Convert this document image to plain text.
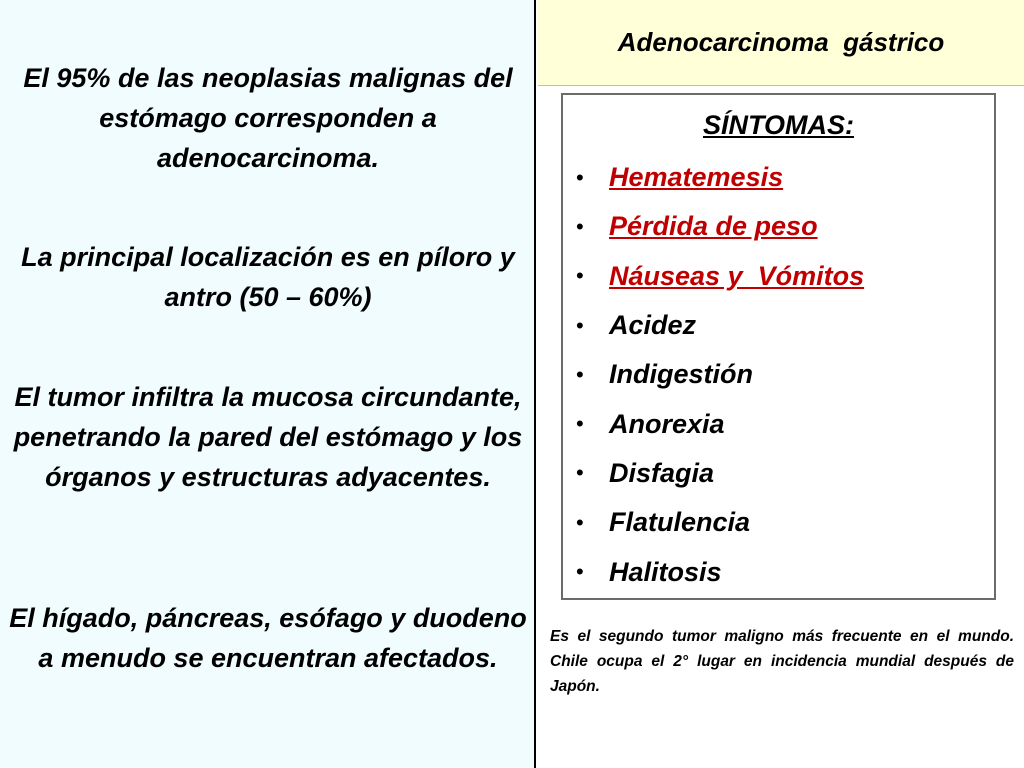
El 95% de las neoplasias malignas del estómago corresponden a adenocarcinoma.

La principal localización es en píloro y antro (50 – 60%)

El tumor infiltra la mucosa circundante, penetrando la pared del estómago y los órganos y estructuras adyacentes.

El hígado, páncreas, esófago y duodeno a menudo se encuentran afectados.

Adenocarcinoma  gástrico
SÍNTOMAS:
• Hematemesis
• Pérdida de peso
• Náuseas y  Vómitos
• Acidez
• Indigestión
• Anorexia
• Disfagia
• Flatulencia
• Halitosis

Es el segundo tumor maligno más frecuente en el mundo. Chile ocupa el 2° lugar en incidencia mundial después de Japón.
